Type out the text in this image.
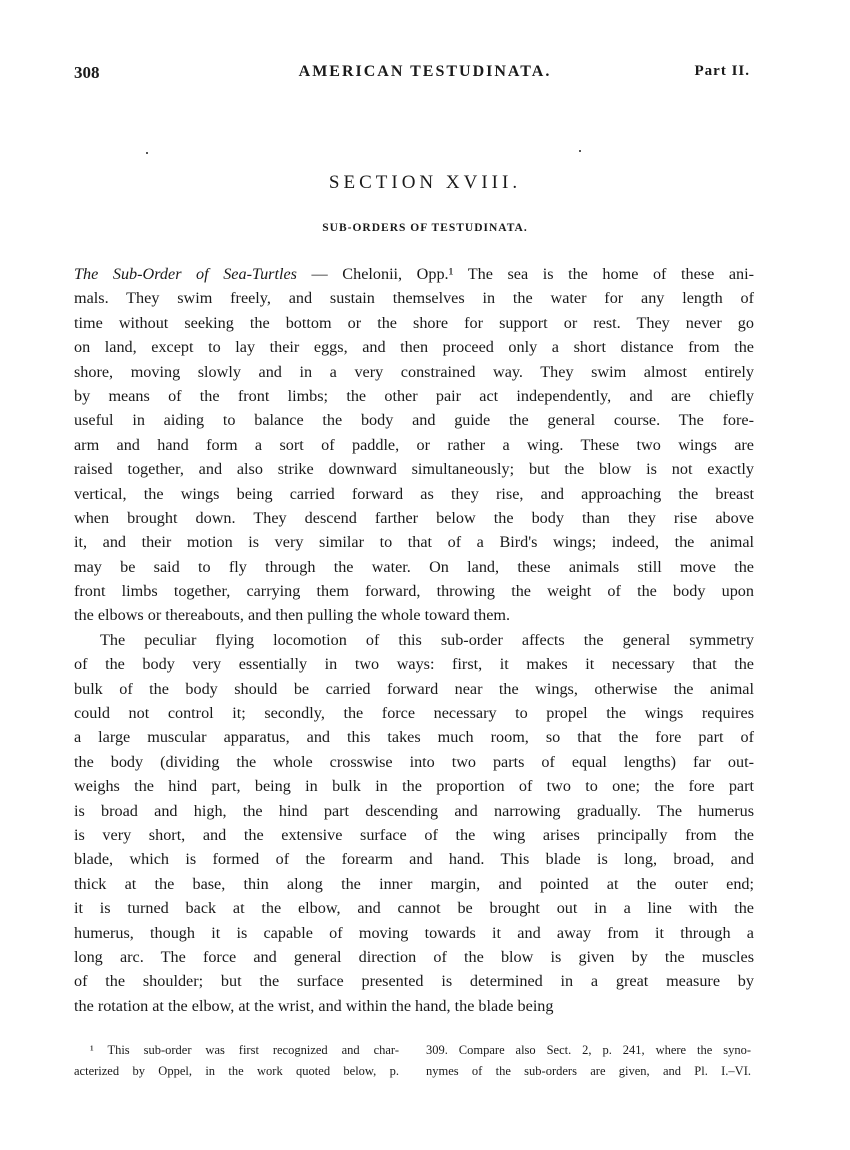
308	AMERICAN TESTUDINATA.	Part II.
SECTION XVIII.
SUB-ORDERS OF TESTUDINATA.
The Sub-Order of Sea-Turtles — Chelonii, Opp.¹ The sea is the home of these ani-
mals. They swim freely, and sustain themselves in the water for any length of
time without seeking the bottom or the shore for support or rest. They never go
on land, except to lay their eggs, and then proceed only a short distance from the
shore, moving slowly and in a very constrained way. They swim almost entirely
by means of the front limbs; the other pair act independently, and are chiefly
useful in aiding to balance the body and guide the general course. The fore-
arm and hand form a sort of paddle, or rather a wing. These two wings are
raised together, and also strike downward simultaneously; but the blow is not exactly
vertical, the wings being carried forward as they rise, and approaching the breast
when brought down. They descend farther below the body than they rise above
it, and their motion is very similar to that of a Bird's wings; indeed, the animal
may be said to fly through the water. On land, these animals still move the
front limbs together, carrying them forward, throwing the weight of the body upon
the elbows or thereabouts, and then pulling the whole toward them.
The peculiar flying locomotion of this sub-order affects the general symmetry
of the body very essentially in two ways: first, it makes it necessary that the
bulk of the body should be carried forward near the wings, otherwise the animal
could not control it; secondly, the force necessary to propel the wings requires
a large muscular apparatus, and this takes much room, so that the fore part of
the body (dividing the whole crosswise into two parts of equal lengths) far out-
weighs the hind part, being in bulk in the proportion of two to one; the fore part
is broad and high, the hind part descending and narrowing gradually. The humerus
is very short, and the extensive surface of the wing arises principally from the
blade, which is formed of the forearm and hand. This blade is long, broad, and
thick at the base, thin along the inner margin, and pointed at the outer end;
it is turned back at the elbow, and cannot be brought out in a line with the
humerus, though it is capable of moving towards it and away from it through a
long arc. The force and general direction of the blow is given by the muscles
of the shoulder; but the surface presented is determined in a great measure by
the rotation at the elbow, at the wrist, and within the hand, the blade being
¹ This sub-order was first recognized and char-
acterized by Oppel, in the work quoted below, p.
309. Compare also Sect. 2, p. 241, where the syno-
nymes of the sub-orders are given, and Pl. I.–VI.
